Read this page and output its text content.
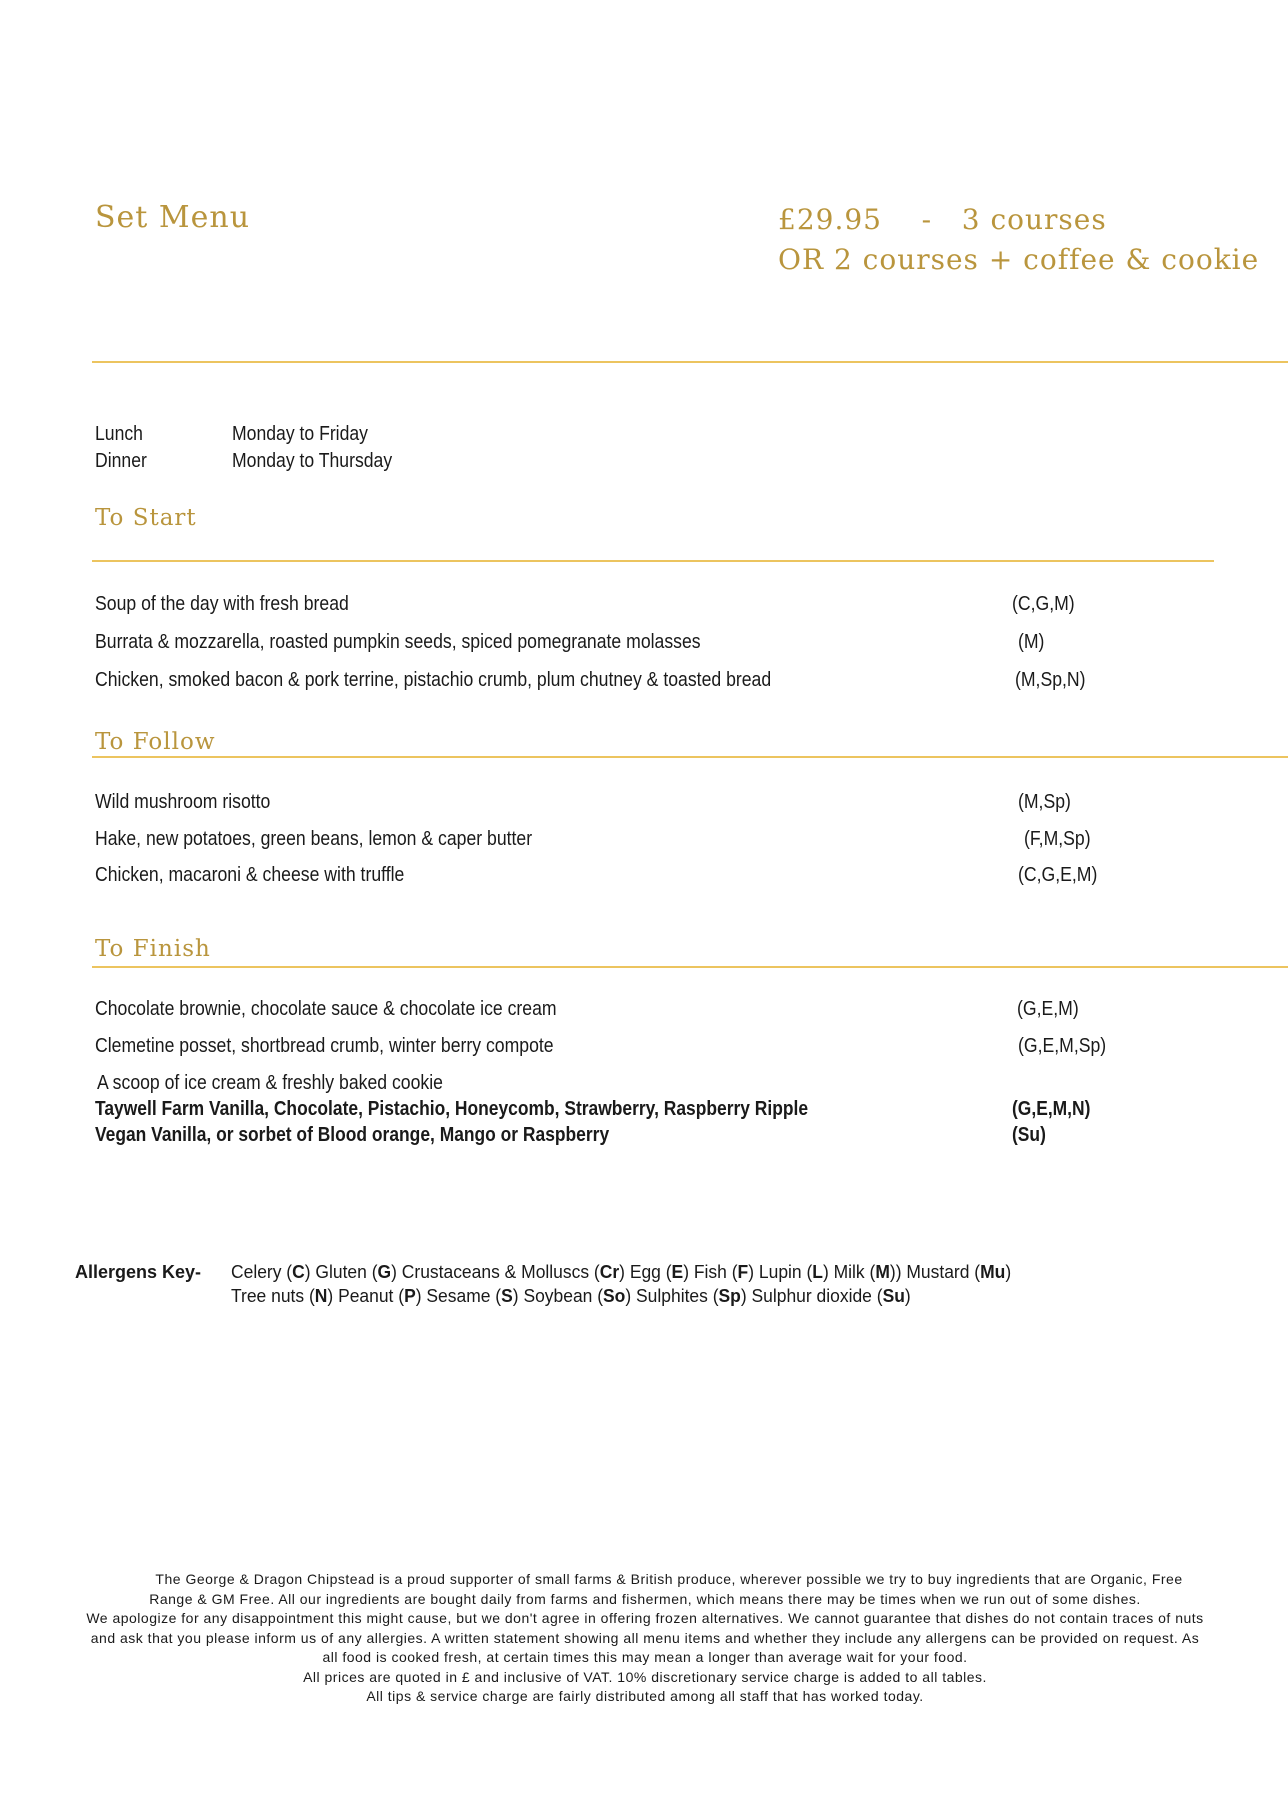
Set Menu	£29.95    -   3 courses
OR 2 courses + coffee & cookie
Lunch	Monday to Friday
Dinner	Monday to Thursday
To Start
Soup of the day with fresh bread	(C,G,M)
Burrata & mozzarella, roasted pumpkin seeds, spiced pomegranate molasses	(M)
Chicken, smoked bacon & pork terrine, pistachio crumb, plum chutney & toasted bread	(M,Sp,N)
To Follow
Wild mushroom risotto	(M,Sp)
Hake, new potatoes, green beans, lemon & caper butter	(F,M,Sp)
Chicken, macaroni & cheese with truffle	(C,G,E,M)
To Finish
Chocolate brownie, chocolate sauce & chocolate ice cream	(G,E,M)
Clemetine posset, shortbread crumb, winter berry compote	(G,E,M,Sp)
A scoop of ice cream & freshly baked cookie
Taywell Farm Vanilla, Chocolate, Pistachio, Honeycomb, Strawberry, Raspberry Ripple	(G,E,M,N)
Vegan Vanilla, or sorbet of Blood orange, Mango or Raspberry	(Su)
Allergens Key- Celery (C) Gluten (G) Crustaceans & Molluscs (Cr) Egg (E) Fish (F) Lupin (L) Milk (M)) Mustard (Mu)
Tree nuts (N) Peanut (P) Sesame (S) Soybean (So) Sulphites (Sp) Sulphur dioxide (Su)
The George & Dragon Chipstead is a proud supporter of small farms & British produce, wherever possible we try to buy ingredients that are Organic, Free
Range & GM Free. All our ingredients are bought daily from farms and fishermen, which means there may be times when we run out of some dishes.
We apologize for any disappointment this might cause, but we don't agree in offering frozen alternatives. We cannot guarantee that dishes do not contain traces of nuts
and ask that you please inform us of any allergies. A written statement showing all menu items and whether they include any allergens can be provided on request. As
all food is cooked fresh, at certain times this may mean a longer than average wait for your food.
All prices are quoted in £ and inclusive of VAT. 10% discretionary service charge is added to all tables.
All tips & service charge are fairly distributed among all staff that has worked today.
